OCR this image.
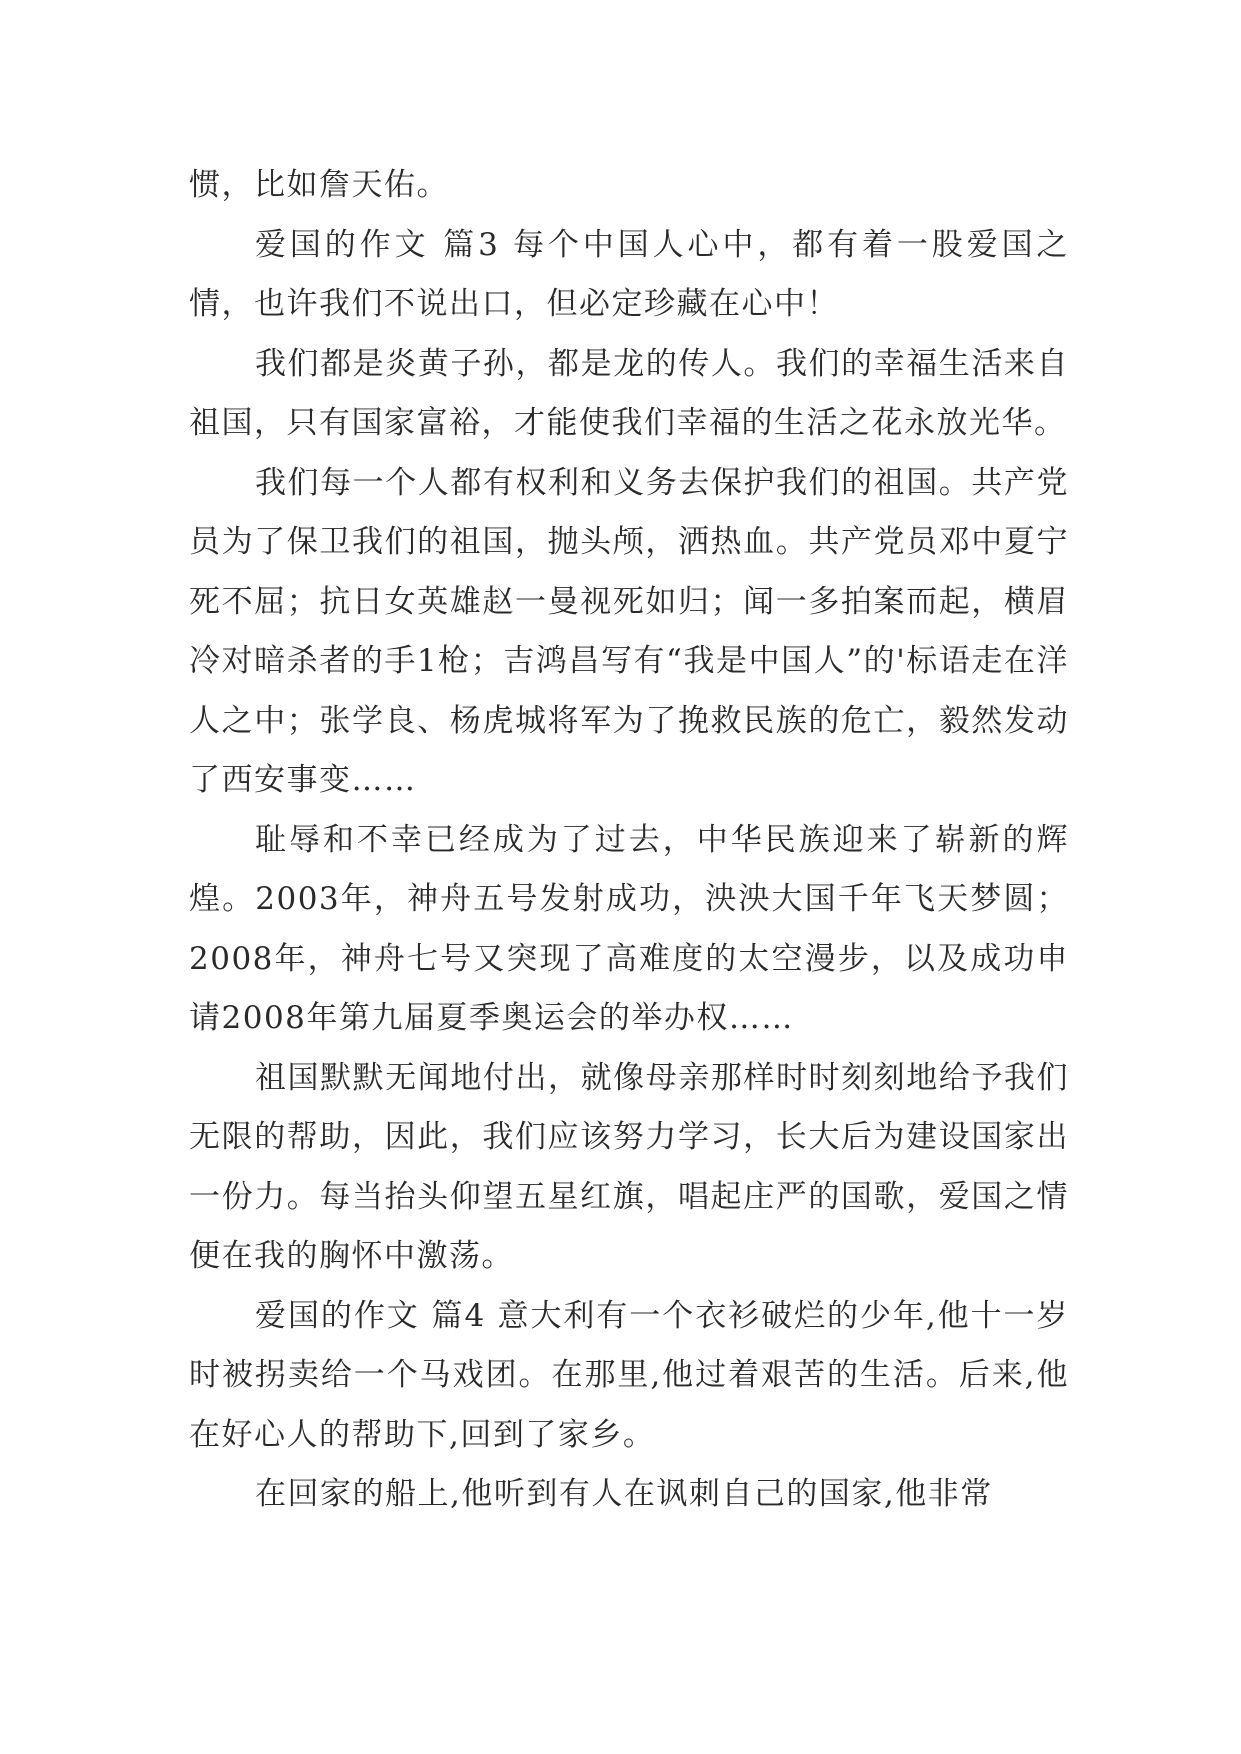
惯，比如詹天佑。

爱国的作文 篇3 每个中国人心中，都有着一股爱国之情，也许我们不说出口，但必定珍藏在心中！

我们都是炎黄子孙，都是龙的传人。我们的幸福生活来自祖国，只有国家富裕，才能使我们幸福的生活之花永放光华。

我们每一个人都有权利和义务去保护我们的祖国。共产党员为了保卫我们的祖国，抛头颅，洒热血。共产党员邓中夏宁死不屈；抗日女英雄赵一曼视死如归；闻一多拍案而起，横眉冷对暗杀者的手1枪；吉鸿昌写有“我是中国人”的'标语走在洋人之中；张学良、杨虎城将军为了挽救民族的危亡，毅然发动了西安事变……

耻辱和不幸已经成为了过去，中华民族迎来了崭新的辉煌。2003年，神舟五号发射成功，泱泱大国千年飞天梦圆；2008年，神舟七号又突现了高难度的太空漫步，以及成功申请2008年第九届夏季奥运会的举办权……

祖国默默无闻地付出，就像母亲那样时时刻刻地给予我们无限的帮助，因此，我们应该努力学习，长大后为建设国家出一份力。每当抬头仰望五星红旗，唱起庄严的国歌，爱国之情便在我的胸怀中激荡。

爱国的作文 篇4 意大利有一个衣衫破烂的少年,他十一岁时被拐卖给一个马戏团。在那里,他过着艰苦的生活。后来,他在好心人的帮助下,回到了家乡。

在回家的船上,他听到有人在讽刺自己的国家,他非常
